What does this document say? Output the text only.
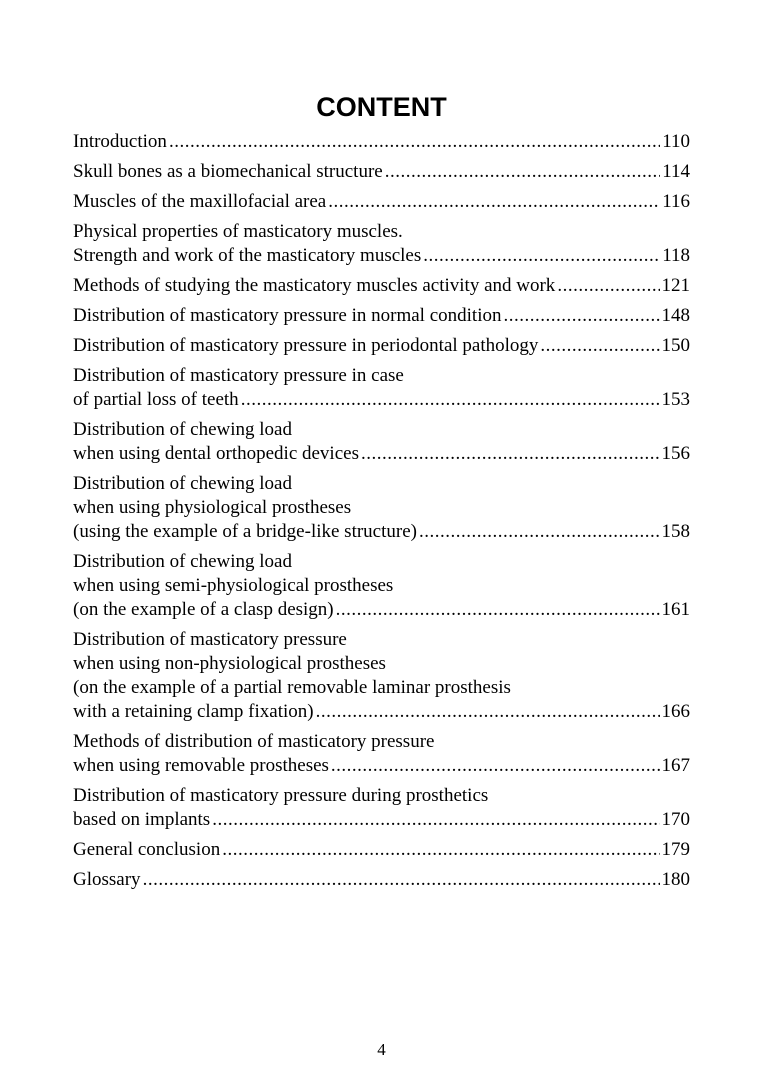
CONTENT
Introduction .....	110
Skull bones as a biomechanical structure .....	114
Muscles of the maxillofacial area .....	116
Physical properties of masticatory muscles.
Strength and work of the masticatory muscles .....	118
Methods of studying the masticatory muscles activity and work .....	121
Distribution of masticatory pressure in normal condition .....	148
Distribution of masticatory pressure in periodontal pathology .....	150
Distribution of masticatory pressure in case
of partial loss of teeth .....	153
Distribution of chewing load
when using dental orthopedic devices .....	156
Distribution of chewing load
when using physiological prostheses
(using the example of a bridge-like structure) .....	158
Distribution of chewing load
when using semi-physiological prostheses
(on the example of a clasp design) .....	161
Distribution of masticatory pressure
when using non-physiological prostheses
(on the example of a partial removable laminar prosthesis
with a retaining clamp fixation) .....	166
Methods of distribution of masticatory pressure
when using removable prostheses .....	167
Distribution of masticatory pressure during prosthetics
based on implants .....	170
General conclusion .....	179
Glossary .....	180
4
